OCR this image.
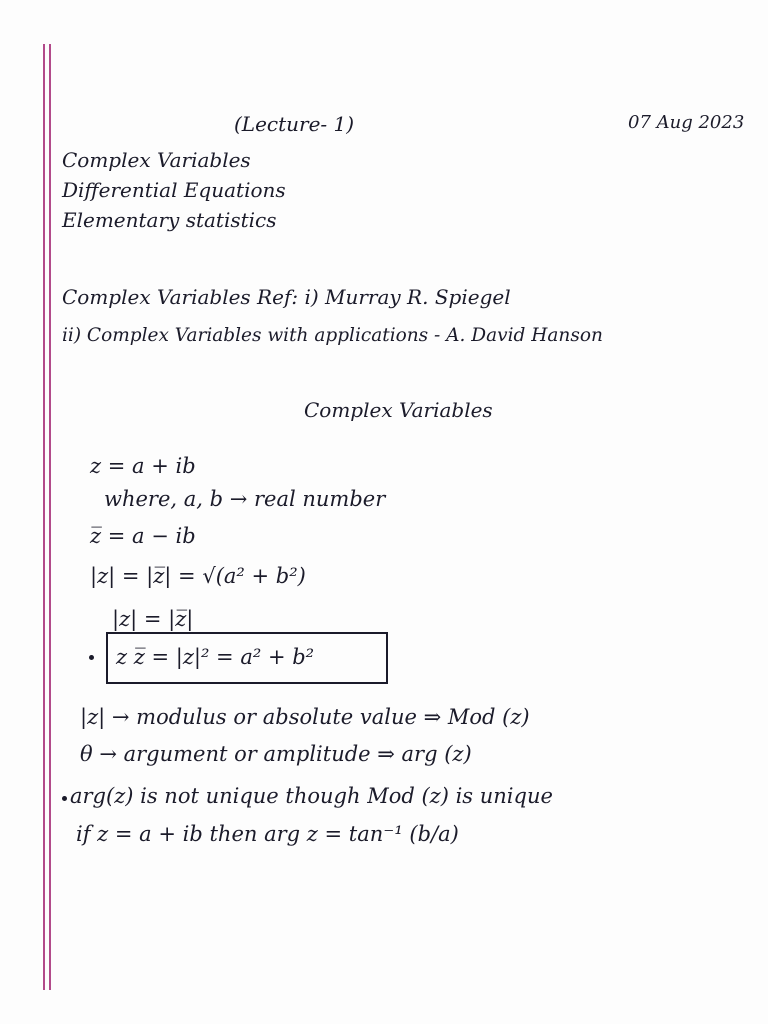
(Lecture- 1)	07 Aug 2023
Complex Variables
Differential Equations
Elementary statistics
Complex Variables Ref: i) Murray R. Spiegel
ii) Complex Variables with applications - A. David Hanson
Complex Variables
z = a + ib
where, a, b → real number
z̅ = a − ib
|z| = |z̅| = √(a² + b²)
|z| = |z̅|
z z̅ = |z|² = a² + b²
|z| → modulus or absolute value ⇒ Mod (z)
θ → argument or amplitude ⇒ arg (z)
arg(z) is not unique though Mod (z) is unique
if z = a + ib then arg z = tan⁻¹ (b/a)
